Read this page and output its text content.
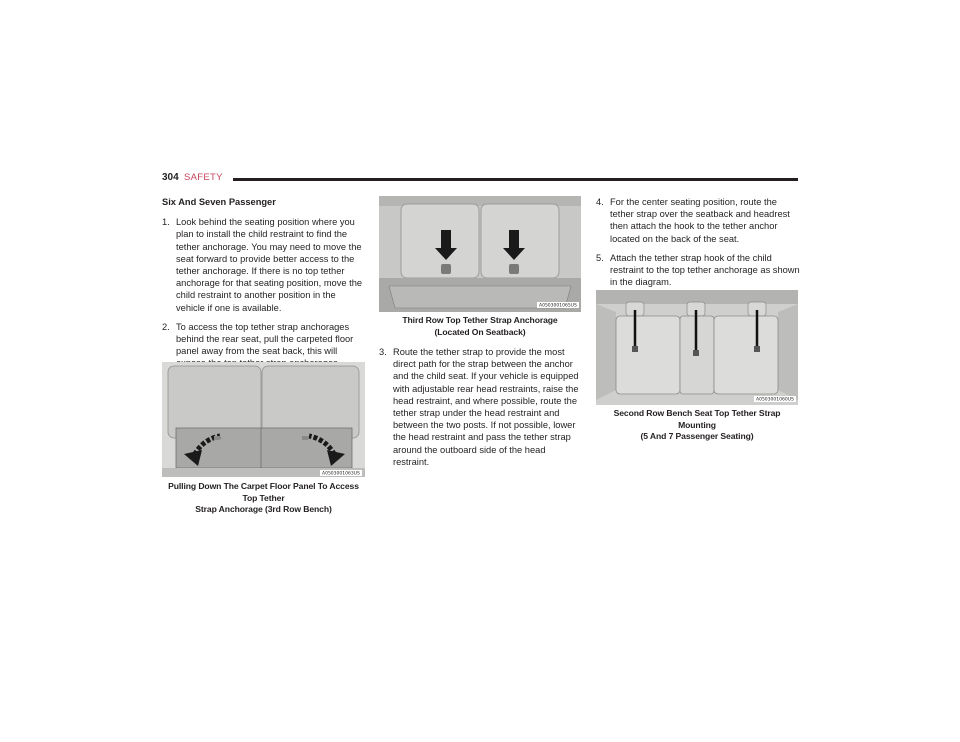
304 SAFETY

Six And Seven Passenger

1. Look behind the seating position where you plan to install the child restraint to find the tether anchorage. You may need to move the seat forward to provide better access to the tether anchorage. If there is no top tether anchorage for that seating position, move the child restraint to another position in the vehicle if one is available.

2. To access the top tether strap anchorages behind the rear seat, pull the carpeted floor panel away from the seat back, this will

A0503001063US
Pulling Down The Carpet Floor Panel To Access Top Tether
Strap Anchorage (3rd Row Bench)
A0503001065US
Third Row Top Tether Strap Anchorage
(Located On Seatback)

3. Route the tether strap to provide the most direct path for the strap between the anchor and the child seat. If your vehicle is equipped with adjustable rear head restraints, raise the head restraint, and where possible, route the tether strap under the head restraint and between the two posts. If not possible, lower the head restraint and pass the tether strap around the outboard side of the head restraint.

4. For the center seating position, route the tether strap over the seatback and headrest then attach the hook to the tether anchor located on the back of the seat.

5. Attach the tether strap hook of the child restraint to the top tether anchorage as shown in the diagram.

A0503001060US
Second Row Bench Seat Top Tether Strap Mounting
(5 And 7 Passenger Seating)
